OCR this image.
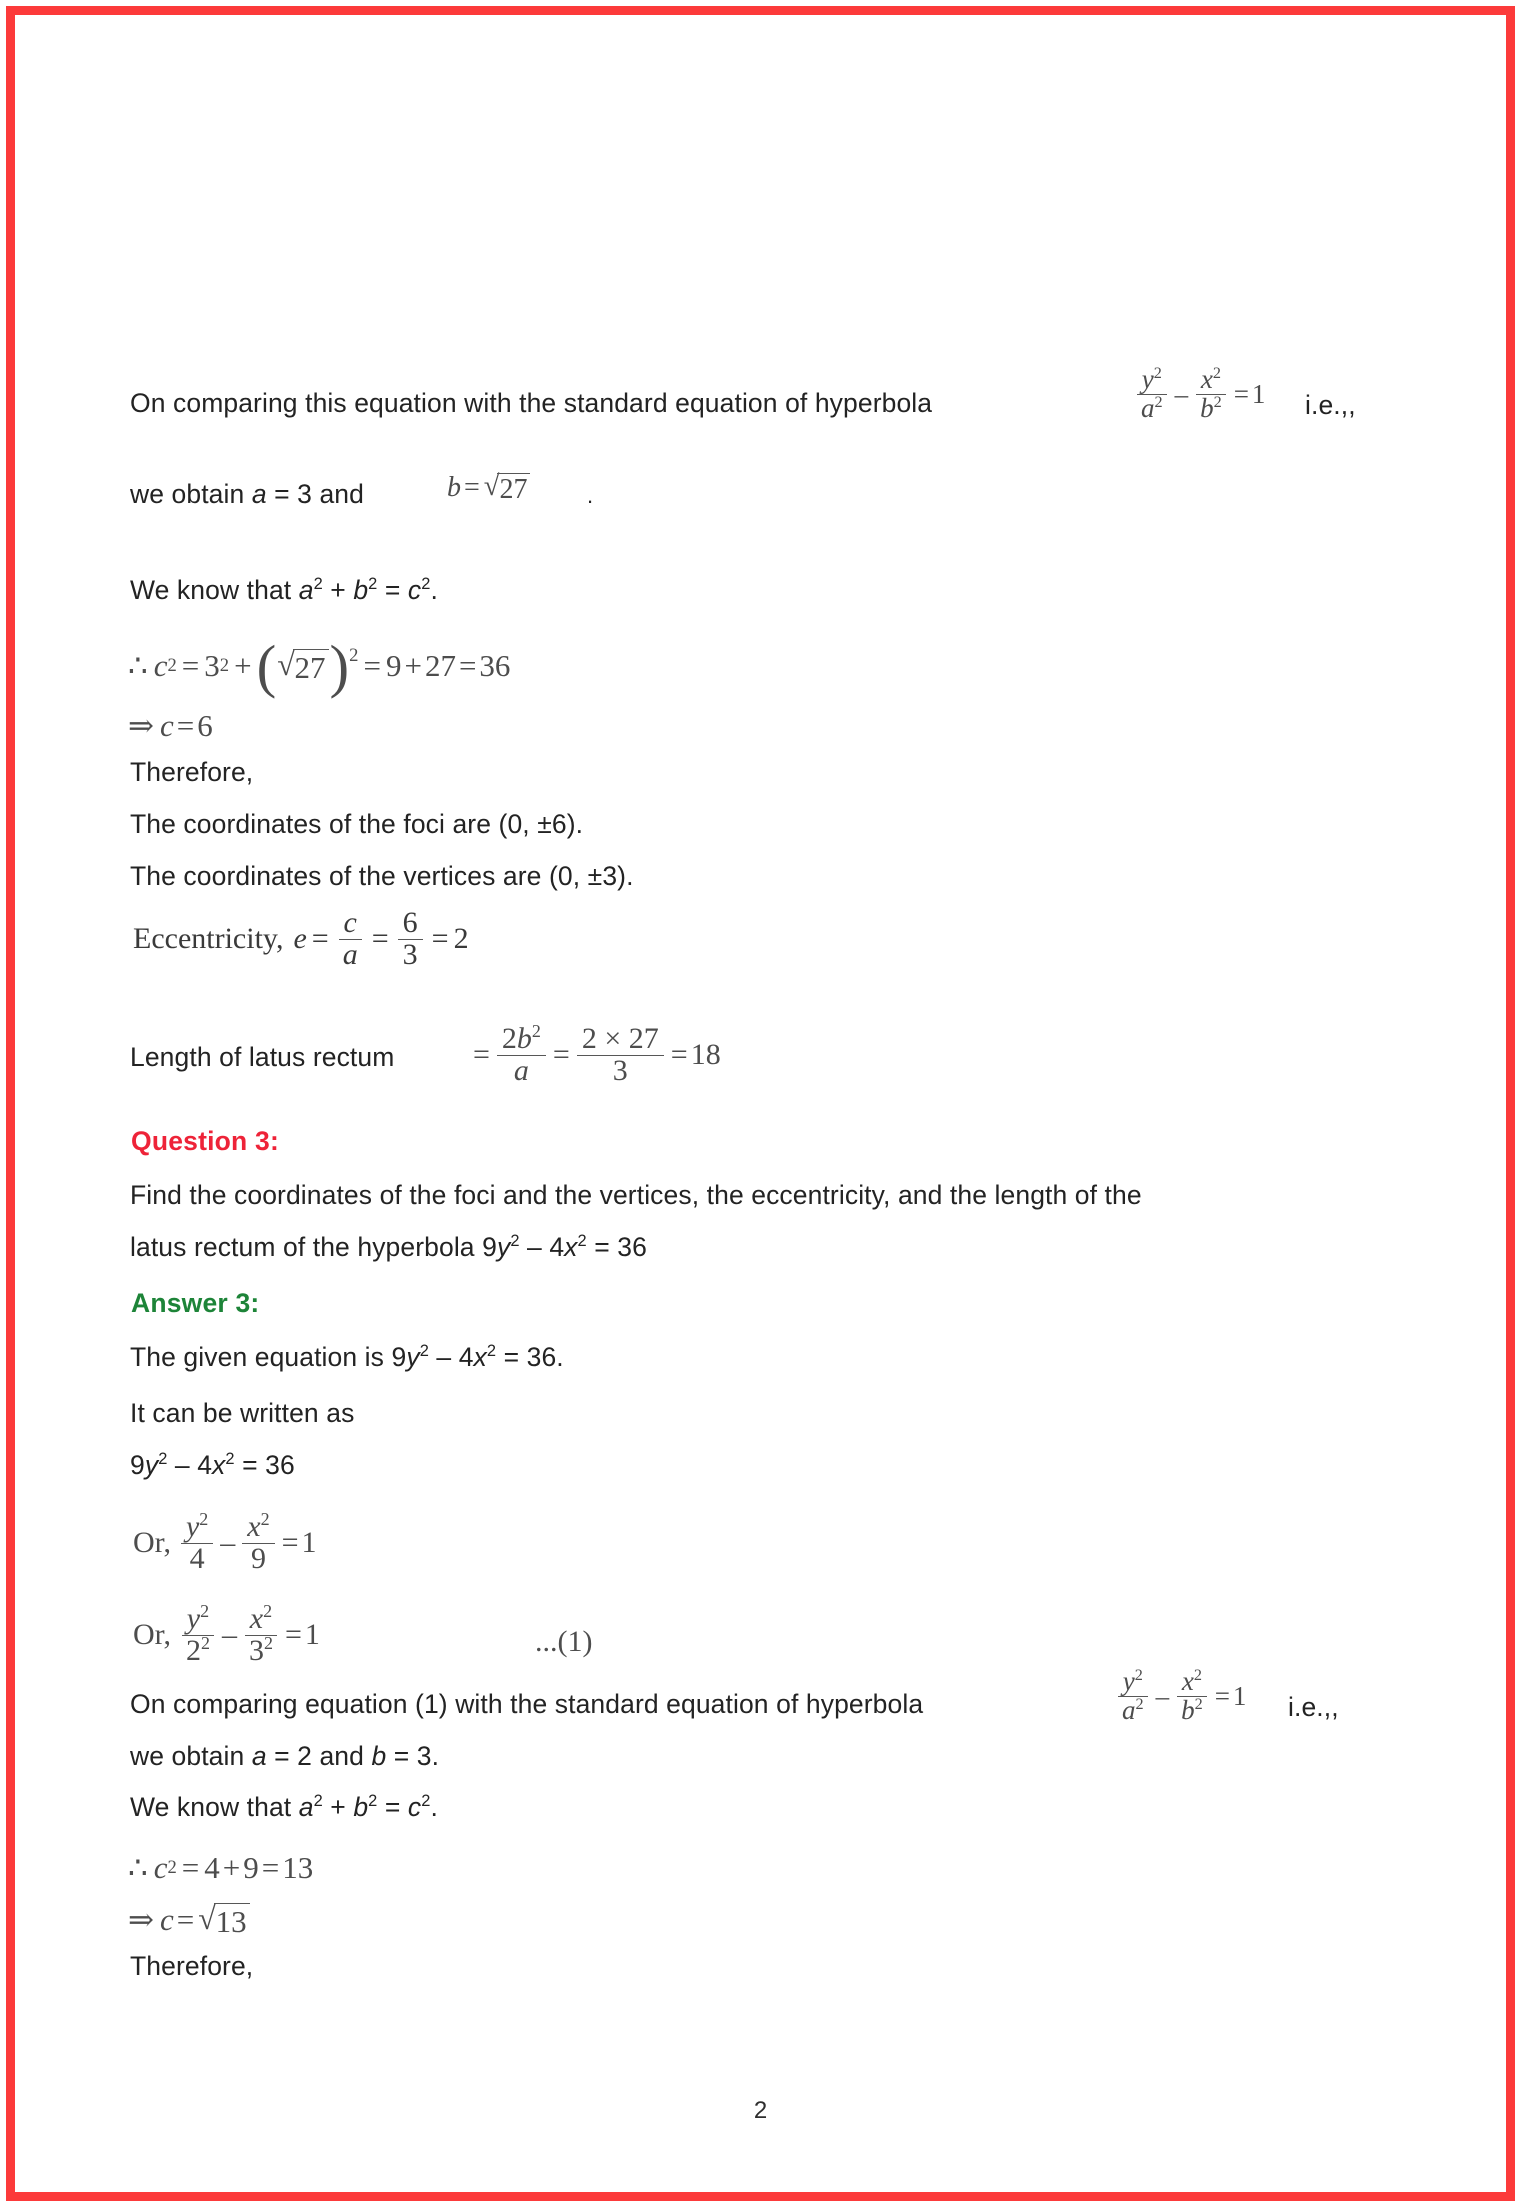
On comparing this equation with the standard equation of hyperbola	$\frac{y^2}{a^2} - \frac{x^2}{b^2} = 1$ i.e.,,
we obtain a = 3 and	b = √ 27	.
We know that $a^2 + b^2 = c^2$.
∴ c 2 = 3 2 + ( √ 27 )$^2$ = 9 + 27 = 36
⇒ c = 6
Therefore,
The coordinates of the foci are (0, ±6).
The coordinates of the vertices are (0, ±3).
Eccentricity, $e = \frac{c}{a} = \frac{6}{3} = 2$
Length of latus rectum	= $\frac{2b^2}{a} = \frac{2 \times 27}{3} = 18$
Question 3:
Find the coordinates of the foci and the vertices, the eccentricity, and the length of the
latus rectum of the hyperbola $9y^2 - 4x^2 = 36$
Answer 3:
The given equation is $9y^2 - 4x^2 = 36$.
It can be written as
$9y^2 - 4x^2 = 36$
Or, $\frac{y^2}{4} - \frac{x^2}{9} = 1$
Or, $\frac{y^2}{2^2} - \frac{x^2}{3^2} = 1$	...(1)
On comparing equation (1) with the standard equation of hyperbola	$\frac{y^2}{a^2} - \frac{x^2}{b^2} = 1$ i.e.,,
we obtain a = 2 and b = 3.
We know that $a^2 + b^2 = c^2$.
∴ c 2 = 4 + 9 = 13
⇒ c = √ 13
Therefore,
2
